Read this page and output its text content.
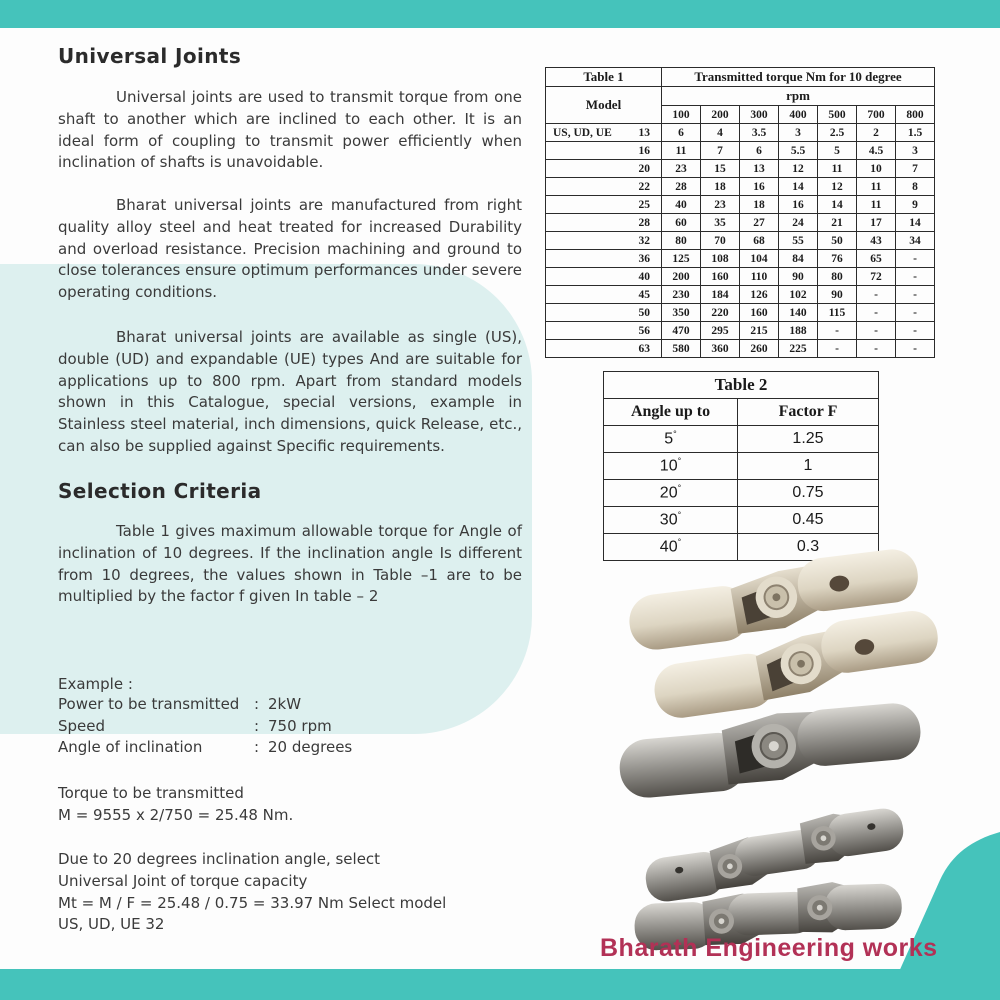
Universal Joints
Universal joints are used to transmit torque from one shaft to another which are inclined to each other. It is an ideal form of coupling to transmit power efficiently when inclination of shafts is unavoidable.
Bharat universal joints are manufactured from right quality alloy steel and heat treated for increased Durability and overload resistance. Precision machining and ground to close tolerances ensure optimum performances under severe operating conditions.
Bharat universal joints are available as single (US), double (UD) and expandable (UE) types And are suitable for applications up to 800 rpm. Apart from standard models shown in this Catalogue, special versions, example in Stainless steel material, inch dimensions, quick Release, etc., can also be supplied against Specific requirements.
Selection Criteria
Table 1 gives maximum allowable torque for Angle of inclination of 10 degrees. If the inclination angle Is different from 10 degrees, the values shown in Table –1 are to be multiplied by the factor f given In table – 2
Example :
Power to be transmitted : 2kW
Speed	: 750 rpm
Angle of inclination	: 20 degrees
Torque to be transmitted
M = 9555 x 2/750 = 25.48 Nm.
Due to 20 degrees inclination angle, select
Universal Joint of torque capacity
Mt = M / F = 25.48 / 0.75 = 33.97 Nm Select model
US, UD, UE 32
Table 1	Transmitted torque Nm for 10 degree						
Model	rpm						
	100	200	300	400	500	700	800

US, UD, UE 13	6	4	3.5	3	2.5	2	1.5

16	11	7	6	5.5	5	4.5	3

20	23	15	13	12	11	10	7

22	28	18	16	14	12	11	8

25	40	23	18	16	14	11	9

28	60	35	27	24	21	17	14

32	80	70	68	55	50	43	34

36	125	108	104	84	76	65	-

40	200	160	110	90	80	72	-

45	230	184	126	102	90	-	-

50	350	220	160	140	115	-	-

56	470	295	215	188	-	-	-

63	580	360	260	225	-	-	-
Table 2	
Angle up to	Factor F
5°	1.25
10°	1
20°	0.75
30°	0.45
40°	0.3
Bharath Engineering works
